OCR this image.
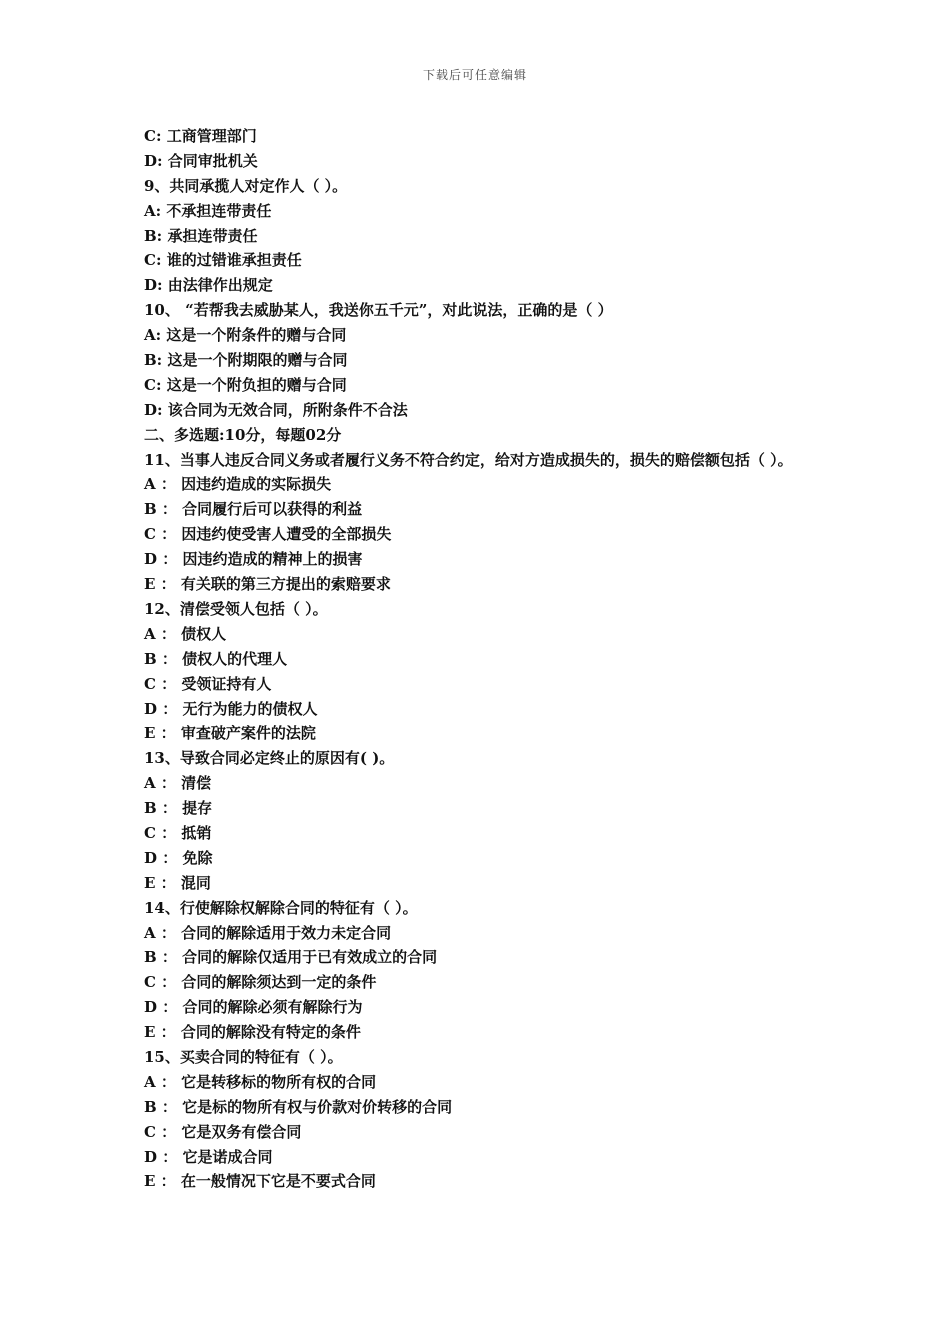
下载后可任意编辑
C: 工商管理部门
D: 合同审批机关
9、共同承揽人对定作人（ ）。
A: 不承担连带责任
B: 承担连带责任
C: 谁的过错谁承担责任
D: 由法律作出规定
10、 “若帮我去威胁某人，我送你五千元”，对此说法，正确的是（ ）
A: 这是一个附条件的赠与合同
B: 这是一个附期限的赠与合同
C: 这是一个附负担的赠与合同
D: 该合同为无效合同，所附条件不合法
二、多选题:10分，每题02分
11、当事人违反合同义务或者履行义务不符合约定，给对方造成损失的，损失的赔偿额包括（ ）。
A ： 因违约造成的实际损失
B ： 合同履行后可以获得的利益
C ： 因违约使受害人遭受的全部损失
D ： 因违约造成的精神上的损害
E ： 有关联的第三方提出的索赔要求
12、清偿受领人包括（ ）。
A ： 债权人
B ： 债权人的代理人
C ： 受领证持有人
D ： 无行为能力的债权人
E ： 审查破产案件的法院
13、导致合同必定终止的原因有( )。
A ： 清偿
B ： 提存
C ： 抵销
D ： 免除
E ： 混同
14、行使解除权解除合同的特征有（ ）。
A ： 合同的解除适用于效力未定合同
B ： 合同的解除仅适用于已有效成立的合同
C ： 合同的解除须达到一定的条件
D ： 合同的解除必须有解除行为
E ： 合同的解除没有特定的条件
15、买卖合同的特征有（ ）。
A ： 它是转移标的物所有权的合同
B ： 它是标的物所有权与价款对价转移的合同
C ： 它是双务有偿合同
D ： 它是诺成合同
E ： 在一般情况下它是不要式合同
